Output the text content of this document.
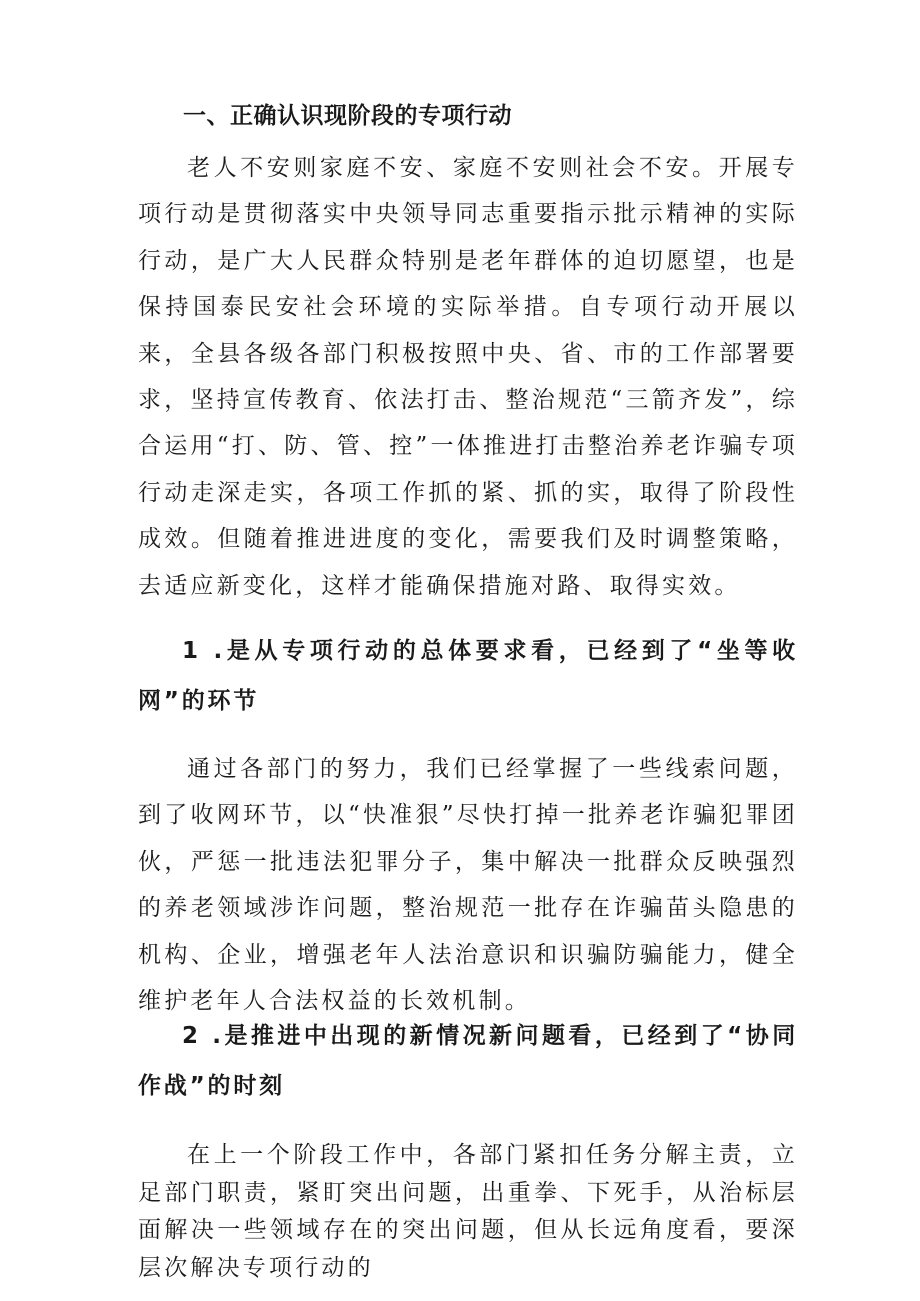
一、正确认识现阶段的专项行动

老人不安则家庭不安、家庭不安则社会不安。开展专项行动是贯彻落实中央领导同志重要指示批示精神的实际行动，是广大人民群众特别是老年群体的迫切愿望，也是保持国泰民安社会环境的实际举措。自专项行动开展以来，全县各级各部门积极按照中央、省、市的工作部署要求，坚持宣传教育、依法打击、整治规范“三箭齐发”，综合运用“打、防、管、控”一体推进打击整治养老诈骗专项行动走深走实，各项工作抓的紧、抓的实，取得了阶段性成效。但随着推进进度的变化，需要我们及时调整策略，去适应新变化，这样才能确保措施对路、取得实效。

1 .是从专项行动的总体要求看，已经到了“坐等收网”的环节

通过各部门的努力，我们已经掌握了一些线索问题，到了收网环节，以“快准狠”尽快打掉一批养老诈骗犯罪团伙，严惩一批违法犯罪分子，集中解决一批群众反映强烈的养老领域涉诈问题，整治规范一批存在诈骗苗头隐患的机构、企业，增强老年人法治意识和识骗防骗能力，健全维护老年人合法权益的长效机制。

2 .是推进中出现的新情况新问题看，已经到了“协同作战”的时刻

在上一个阶段工作中，各部门紧扣任务分解主责，立足部门职责，紧盯突出问题，出重拳、下死手，从治标层面解决一些领域存在的突出问题，但从长远角度看，要深层次解决专项行动的
